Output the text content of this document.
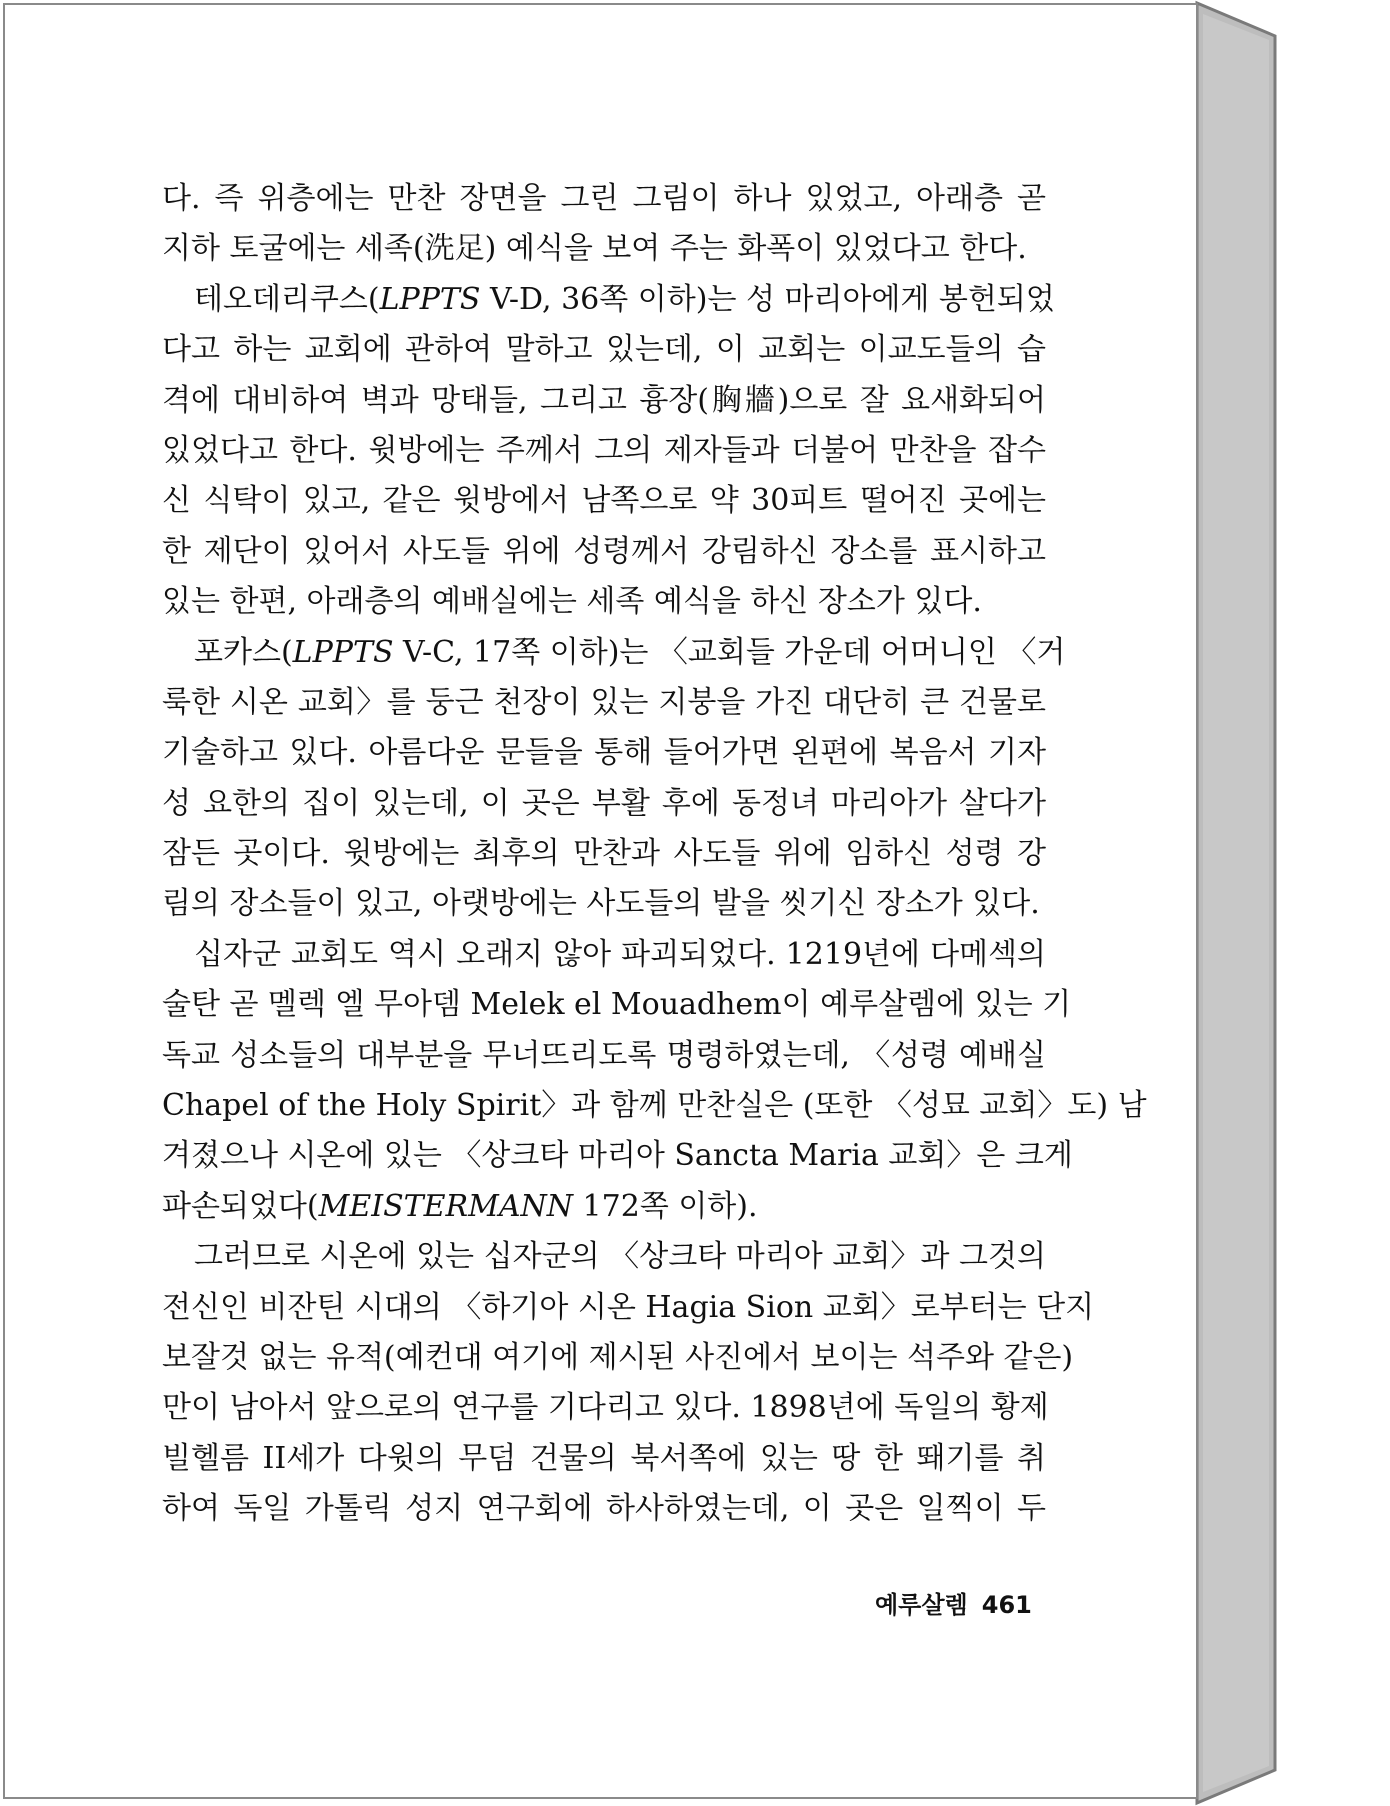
다. 즉 위층에는 만찬 장면을 그린 그림이 하나 있었고, 아래층 곧
지하 토굴에는 세족(洗足) 예식을 보여 주는 화폭이 있었다고 한다.
테오데리쿠스(LPPTS V-D, 36쪽 이하)는 성 마리아에게 봉헌되었
다고 하는 교회에 관하여 말하고 있는데, 이 교회는 이교도들의 습
격에 대비하여 벽과 망태들, 그리고 흉장(胸牆)으로 잘 요새화되어
있었다고 한다. 윗방에는 주께서 그의 제자들과 더불어 만찬을 잡수
신 식탁이 있고, 같은 윗방에서 남쪽으로 약 30피트 떨어진 곳에는
한 제단이 있어서 사도들 위에 성령께서 강림하신 장소를 표시하고
있는 한편, 아래층의 예배실에는 세족 예식을 하신 장소가 있다.
포카스(LPPTS V-C, 17쪽 이하)는 〈교회들 가운데 어머니인 〈거
룩한 시온 교회〉를 둥근 천장이 있는 지붕을 가진 대단히 큰 건물로
기술하고 있다. 아름다운 문들을 통해 들어가면 왼편에 복음서 기자
성 요한의 집이 있는데, 이 곳은 부활 후에 동정녀 마리아가 살다가
잠든 곳이다. 윗방에는 최후의 만찬과 사도들 위에 임하신 성령 강
림의 장소들이 있고, 아랫방에는 사도들의 발을 씻기신 장소가 있다.
십자군 교회도 역시 오래지 않아 파괴되었다. 1219년에 다메섹의
술탄 곧 멜렉 엘 무아뎀 Melek el Mouadhem이 예루살렘에 있는 기
독교 성소들의 대부분을 무너뜨리도록 명령하였는데, 〈성령 예배실
Chapel of the Holy Spirit〉과 함께 만찬실은 (또한 〈성묘 교회〉도) 남
겨졌으나 시온에 있는 〈상크타 마리아 Sancta Maria 교회〉은 크게
파손되었다(MEISTERMANN 172쪽 이하).
그러므로 시온에 있는 십자군의 〈상크타 마리아 교회〉과 그것의
전신인 비잔틴 시대의 〈하기아 시온 Hagia Sion 교회〉로부터는 단지
보잘것 없는 유적(예컨대 여기에 제시된 사진에서 보이는 석주와 같은)
만이 남아서 앞으로의 연구를 기다리고 있다. 1898년에 독일의 황제
빌헬름 II세가 다윗의 무덤 건물의 북서쪽에 있는 땅 한 뙈기를 취
하여 독일 가톨릭 성지 연구회에 하사하였는데, 이 곳은 일찍이 두
예루살렘 461
